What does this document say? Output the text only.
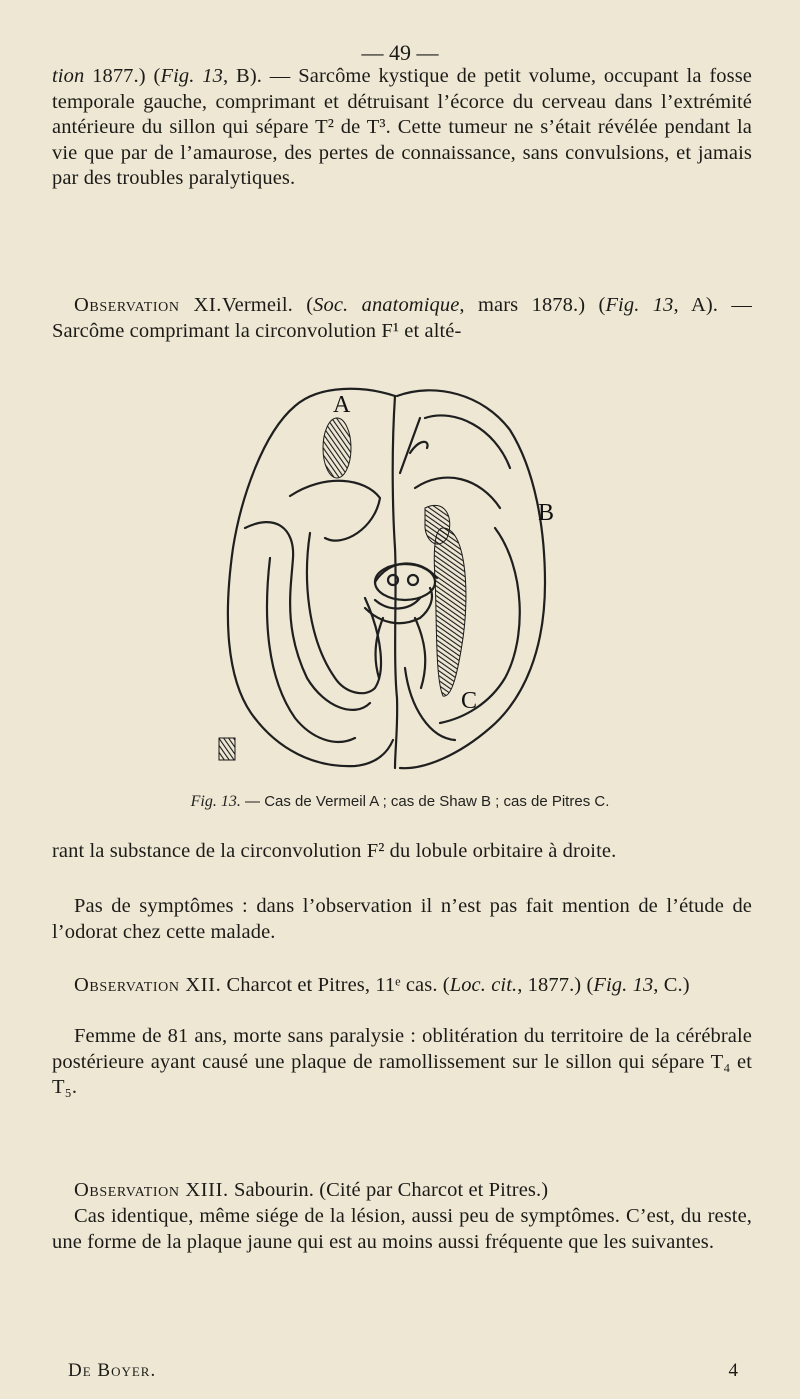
— 49 —

tion 1877.) (Fig. 13, B). — Sarcôme kystique de petit volume, occupant la fosse temporale gauche, comprimant et détruisant l’écorce du cerveau dans l’extrémité antérieure du sillon qui sépare T² de T³. Cette tumeur ne s’était révélée pendant la vie que par de l’amaurose, des pertes de connaissance, sans convulsions, et jamais par des troubles paralytiques.

Observation XI.Vermeil. (Soc. anatomique, mars 1878.) (Fig. 13, A). — Sarcôme comprimant la circonvolution F¹ et alté-

A
B
C
Fig. 13. — Cas de Vermeil A ; cas de Shaw B ; cas de Pitres C.

rant la substance de la circonvolution F² du lobule orbitaire à droite.

Pas de symptômes : dans l’observation il n’est pas fait mention de l’étude de l’odorat chez cette malade.

Observation XII. Charcot et Pitres, 11ᵉ cas. (Loc. cit., 1877.) (Fig. 13, C.)

Femme de 81 ans, morte sans paralysie : oblitération du territoire de la cérébrale postérieure ayant causé une plaque de ramollissement sur le sillon qui sépare T₄ et T₅.

Observation XIII. Sabourin. (Cité par Charcot et Pitres.)

Cas identique, même siége de la lésion, aussi peu de symptômes. C’est, du reste, une forme de la plaque jaune qui est au moins aussi fréquente que les suivantes.

De Boyer.	4
